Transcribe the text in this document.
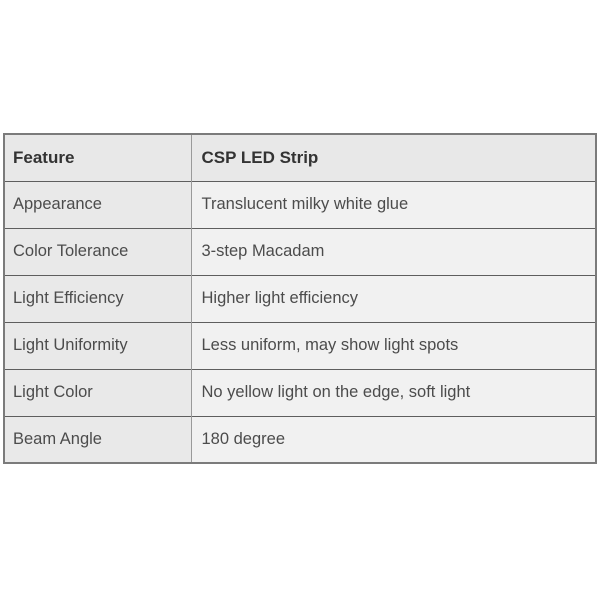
Feature	CSP LED Strip
Appearance	Translucent milky white glue
Color Tolerance	3-step Macadam
Light Efficiency	Higher light efficiency
Light Uniformity	Less uniform, may show light spots
Light Color	No yellow light on the edge, soft light
Beam Angle	180 degree
